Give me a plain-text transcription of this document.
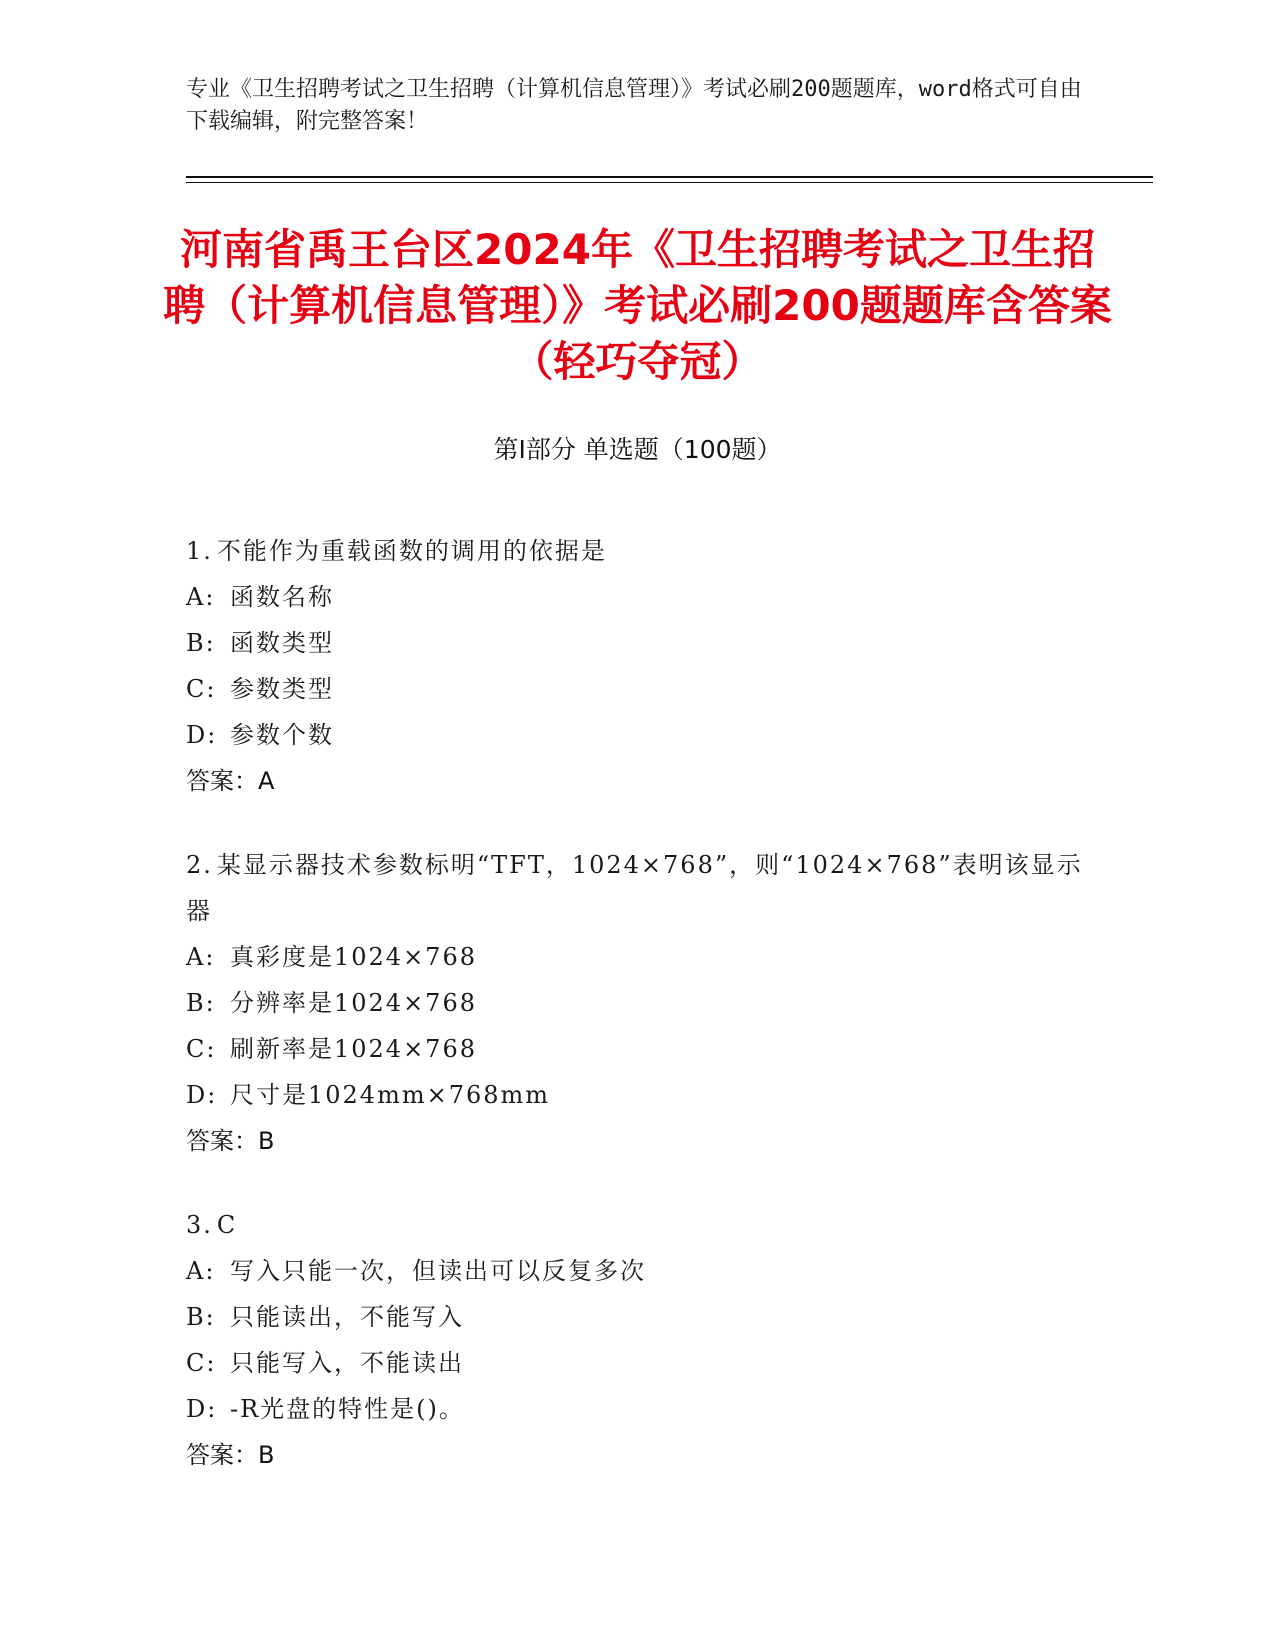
专业《卫生招聘考试之卫生招聘（计算机信息管理）》考试必刷200题题库，word格式可自由下载编辑，附完整答案！
河南省禹王台区2024年《卫生招聘考试之卫生招聘（计算机信息管理）》考试必刷200题题库含答案（轻巧夺冠）
第Ⅰ部分 单选题（100题）
1. 不能作为重载函数的调用的依据是
A: 函数名称
B: 函数类型
C: 参数类型
D: 参数个数
答案：A
2. 某显示器技术参数标明“TFT，1024×768”，则“1024×768”表明该显示器
A: 真彩度是1024×768
B: 分辨率是1024×768
C: 刷新率是1024×768
D: 尺寸是1024mm×768mm
答案：B
3. C
A: 写入只能一次，但读出可以反复多次
B: 只能读出，不能写入
C: 只能写入，不能读出
D: -R光盘的特性是()。
答案：B
